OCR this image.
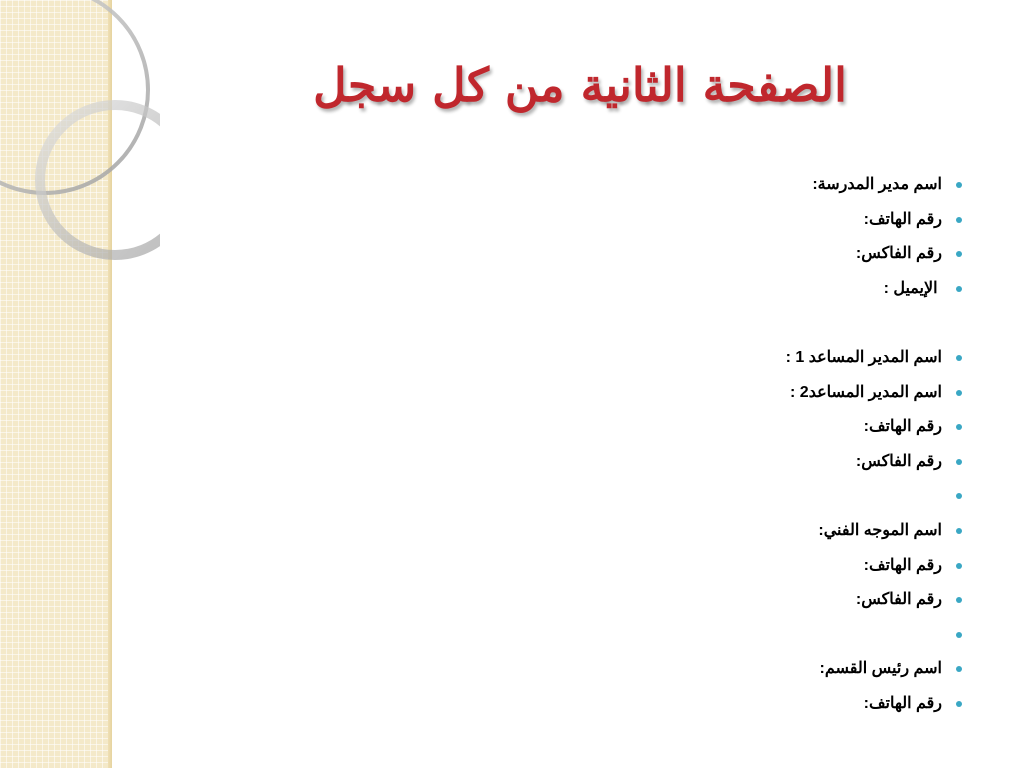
الصفحة الثانية من كل سجل
اسم مدير المدرسة:
رقم الهاتف:
رقم الفاكس:
الإيميل :
اسم المدير المساعد 1 :
اسم المدير المساعد2 :
رقم الهاتف:
رقم الفاكس:
اسم الموجه الفني:
رقم الهاتف:
رقم الفاكس:
اسم رئيس القسم:
رقم الهاتف:
